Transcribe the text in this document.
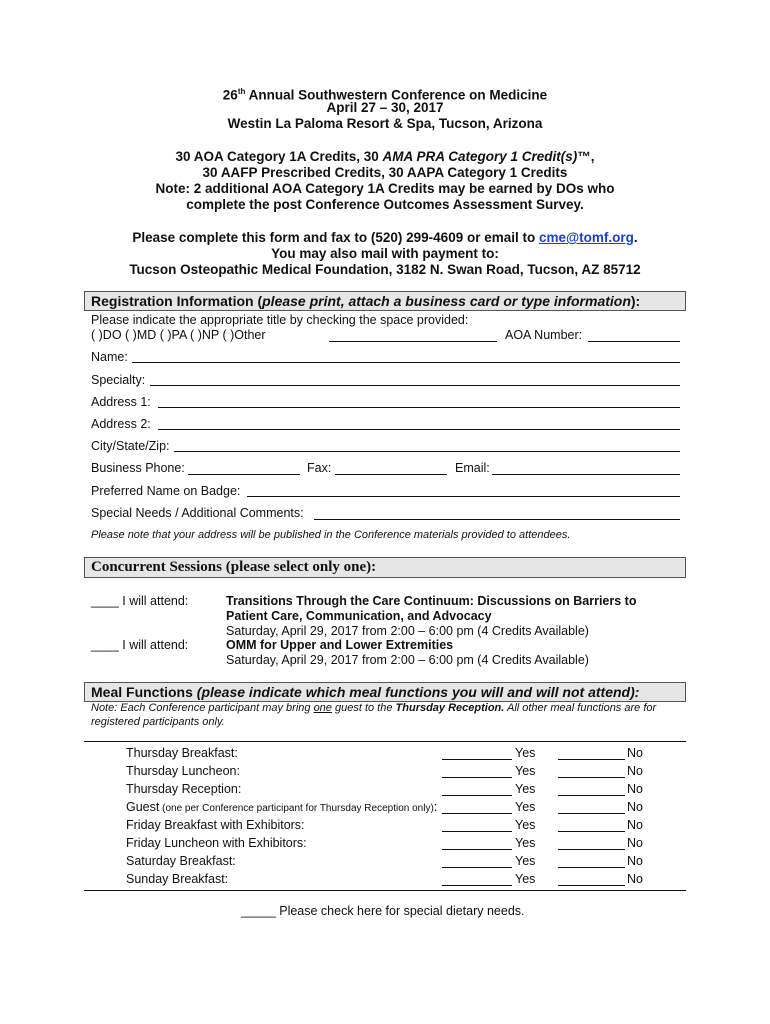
26th Annual Southwestern Conference on Medicine
April 27 – 30, 2017
Westin La Paloma Resort & Spa, Tucson, Arizona
30 AOA Category 1A Credits, 30 AMA PRA Category 1 Credit(s)™,
30 AAFP Prescribed Credits, 30 AAPA Category 1 Credits
Note: 2 additional AOA Category 1A Credits may be earned by DOs who
complete the post Conference Outcomes Assessment Survey.
Please complete this form and fax to (520) 299-4609 or email to cme@tomf.org.
You may also mail with payment to:
Tucson Osteopathic Medical Foundation, 3182 N. Swan Road, Tucson, AZ 85712
Registration Information (please print, attach a business card or type information):
Please indicate the appropriate title by checking the space provided:
( )DO ( )MD ( )PA ( )NP ( )Other	AOA Number:
Name:
Specialty:
Address 1:
Address 2:
City/State/Zip:
Business Phone:	Fax:	Email:
Preferred Name on Badge:
Special Needs / Additional Comments:
Please note that your address will be published in the Conference materials provided to attendees.
Concurrent Sessions (please select only one):
____ I will attend:	Transitions Through the Care Continuum: Discussions on Barriers to
Patient Care, Communication, and Advocacy
Saturday, April 29, 2017 from 2:00 – 6:00 pm (4 Credits Available)
____ I will attend:	OMM for Upper and Lower Extremities
Saturday, April 29, 2017 from 2:00 – 6:00 pm (4 Credits Available)
Meal Functions (please indicate which meal functions you will and will not attend):
Note: Each Conference participant may bring one guest to the Thursday Reception. All other meal functions are for
registered participants only.
Thursday Breakfast:	Yes	No
Thursday Luncheon:	Yes	No
Thursday Reception:	Yes	No
Guest (one per Conference participant for Thursday Reception only):	Yes	No
Friday Breakfast with Exhibitors:	Yes	No
Friday Luncheon with Exhibitors:	Yes	No
Saturday Breakfast:	Yes	No
Sunday Breakfast:	Yes	No
_____ Please check here for special dietary needs.
